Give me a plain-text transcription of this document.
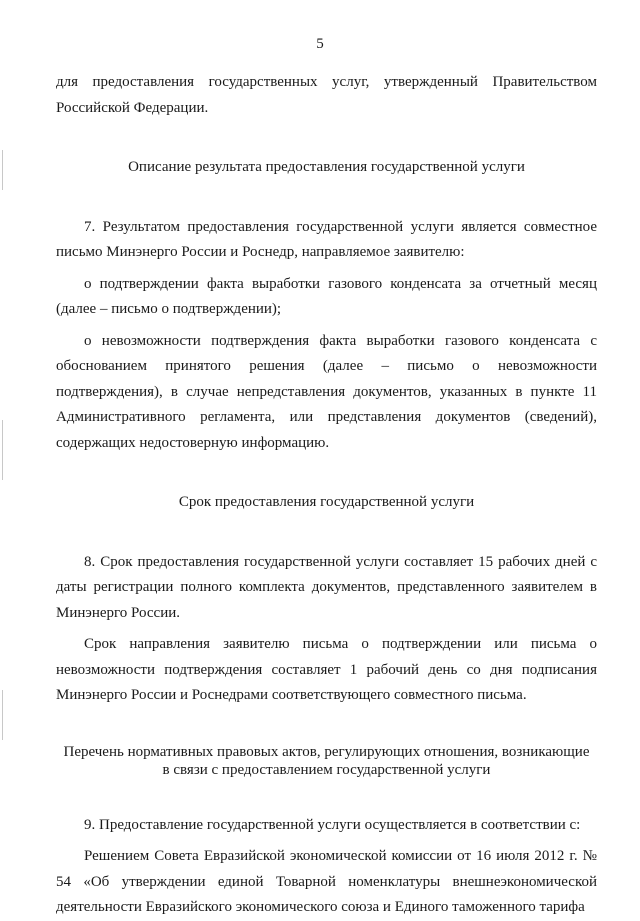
5

для предоставления государственных услуг, утвержденный Правительством Российской Федерации.

Описание результата предоставления государственной услуги

7. Результатом предоставления государственной услуги является совместное письмо Минэнерго России и Роснедр, направляемое заявителю:

о подтверждении факта выработки газового конденсата за отчетный месяц (далее – письмо о подтверждении);

о невозможности подтверждения факта выработки газового конденсата с обоснованием принятого решения (далее – письмо о невозможности подтверждения), в случае непредставления документов, указанных в пункте 11 Административного регламента, или представления документов (сведений), содержащих недостоверную информацию.

Срок предоставления государственной услуги

8. Срок предоставления государственной услуги составляет 15 рабочих дней с даты регистрации полного комплекта документов, представленного заявителем в Минэнерго России.

Срок направления заявителю письма о подтверждении или письма о невозможности подтверждения составляет 1 рабочий день со дня подписания Минэнерго России и Роснедрами соответствующего совместного письма.

Перечень нормативных правовых актов, регулирующих отношения, возникающие

в связи с предоставлением государственной услуги

9. Предоставление государственной услуги осуществляется в соответствии с:

Решением Совета Евразийской экономической комиссии от 16 июля 2012 г. № 54 «Об утверждении единой Товарной номенклатуры внешнеэкономической деятельности Евразийского экономического союза и Единого таможенного тарифа
